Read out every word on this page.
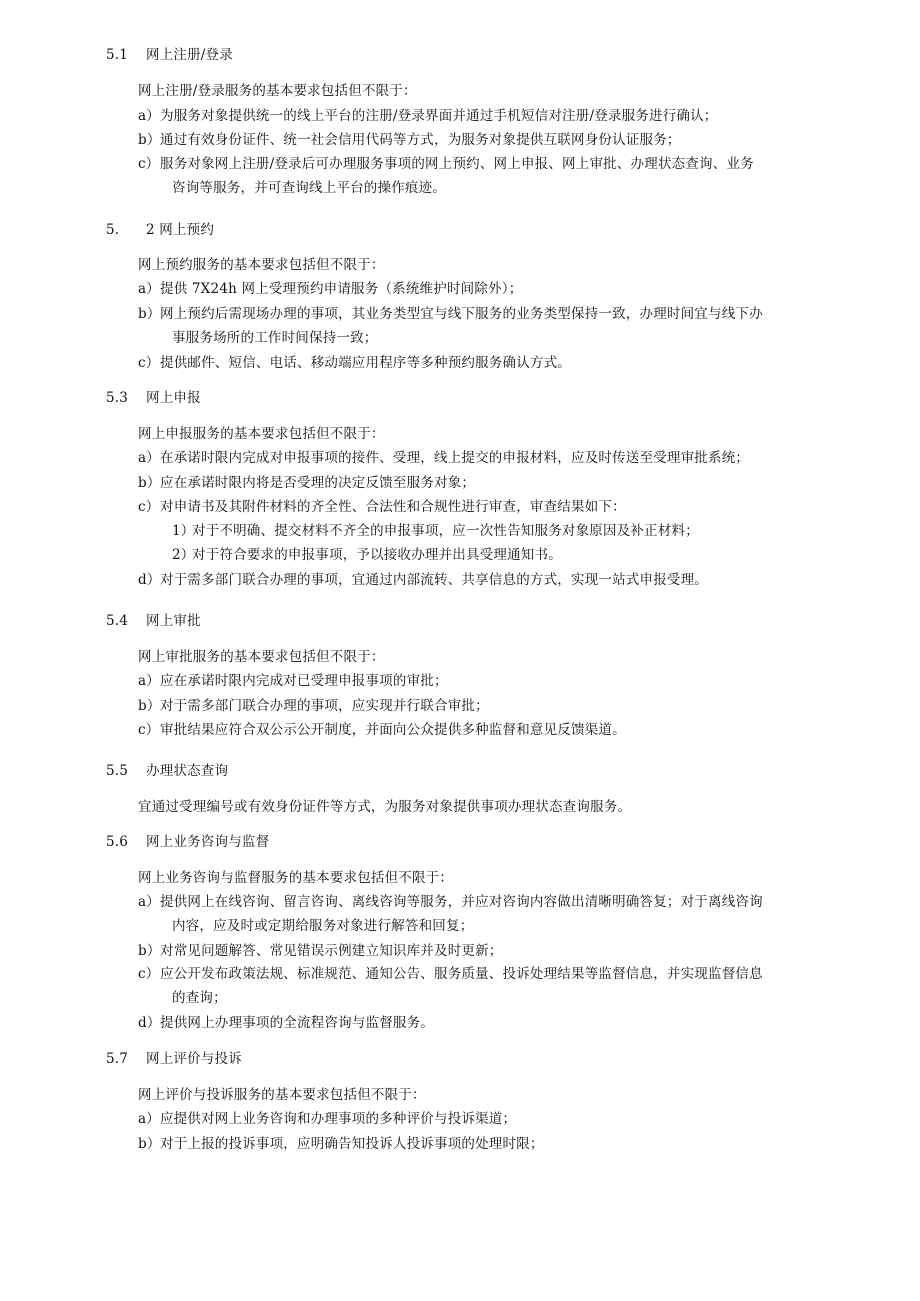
5.1 网上注册/登录
网上注册/登录服务的基本要求包括但不限于：
a） 为服务对象提供统一的线上平台的注册/登录界面并通过手机短信对注册/登录服务进行确认；
b） 通过有效身份证件、统一社会信用代码等方式，为服务对象提供互联网身份认证服务；
c） 服务对象网上注册/登录后可办理服务事项的网上预约、网上申报、网上审批、办理状态查询、业务
咨询等服务，并可查询线上平台的操作痕迹。
5. 2 网上预约
网上预约服务的基本要求包括但不限于：
a） 提供 7X24h 网上受理预约申请服务（系统维护时间除外）；
b） 网上预约后需现场办理的事项，其业务类型宜与线下服务的业务类型保持一致，办理时间宜与线下办
事服务场所的工作时间保持一致；
c） 提供邮件、短信、电话、移动端应用程序等多种预约服务确认方式。
5.3 网上申报
网上申报服务的基本要求包括但不限于：
a） 在承诺时限内完成对申报事项的接件、受理，线上提交的申报材料，应及时传送至受理审批系统；
b） 应在承诺时限内将是否受理的决定反馈至服务对象；
c） 对申请书及其附件材料的齐全性、合法性和合规性进行审查，审查结果如下：
1）
对于不明确、提交材料不齐全的申报事项，应一次性告知服务对象原因及补正材料；
2）
对于符合要求的申报事项，予以接收办理并出具受理通知书。
d） 对于需多部门联合办理的事项，宜通过内部流转、共享信息的方式，实现一站式申报受理。
5.4 网上审批
网上审批服务的基本要求包括但不限于：
a） 应在承诺时限内完成对已受理申报事项的审批；
b） 对于需多部门联合办理的事项，应实现并行联合审批；
c） 审批结果应符合双公示公开制度，并面向公众提供多种监督和意见反馈渠道。
5.5 办理状态查询
宜通过受理编号或有效身份证件等方式，为服务对象提供事项办理状态查询服务。
5.6 网上业务咨询与监督
网上业务咨询与监督服务的基本要求包括但不限于：
a） 提供网上在线咨询、留言咨询、离线咨询等服务，并应对咨询内容做出清晰明确答复；对于离线咨询
内容，应及时或定期给服务对象进行解答和回复；
b） 对常见问题解答、常见错误示例建立知识库并及时更新；
c） 应公开发布政策法规、标准规范、通知公告、服务质量、投诉处理结果等监督信息，并实现监督信息
的查询；
d） 提供网上办理事项的全流程咨询与监督服务。
5.7 网上评价与投诉
网上评价与投诉服务的基本要求包括但不限于：
a） 应提供对网上业务咨询和办理事项的多种评价与投诉渠道；
b） 对于上报的投诉事项，应明确告知投诉人投诉事项的处理时限；
